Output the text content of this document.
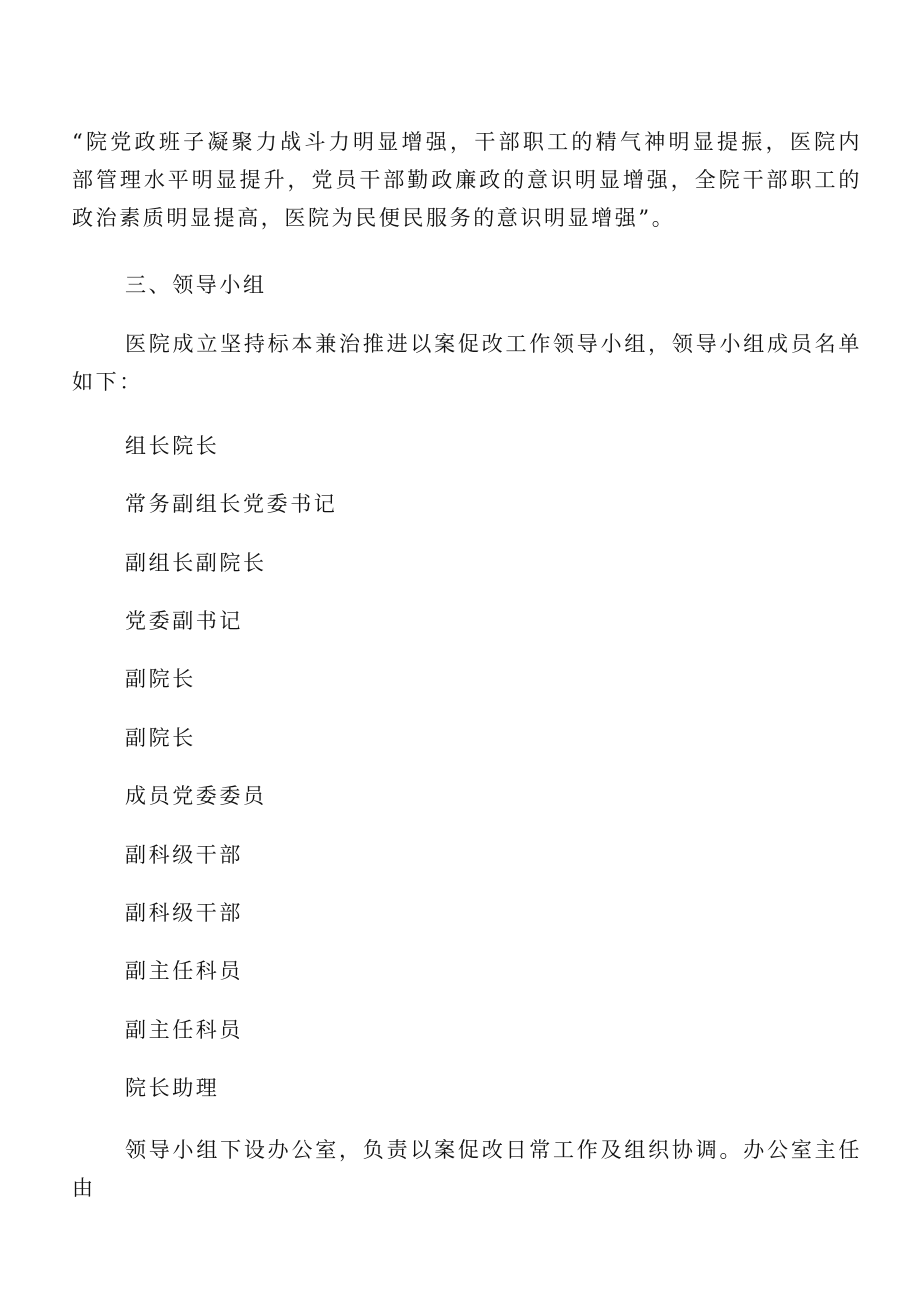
“院党政班子凝聚力战斗力明显增强，干部职工的精气神明显提振，医院内部管理水平明显提升，党员干部勤政廉政的意识明显增强，全院干部职工的政治素质明显提高，医院为民便民服务的意识明显增强”。

三、领导小组

医院成立坚持标本兼治推进以案促改工作领导小组，领导小组成员名单如下：

组长院长

常务副组长党委书记

副组长副院长

党委副书记

副院长

副院长

成员党委委员

副科级干部

副科级干部

副主任科员

副主任科员

院长助理

领导小组下设办公室，负责以案促改日常工作及组织协调。办公室主任由
